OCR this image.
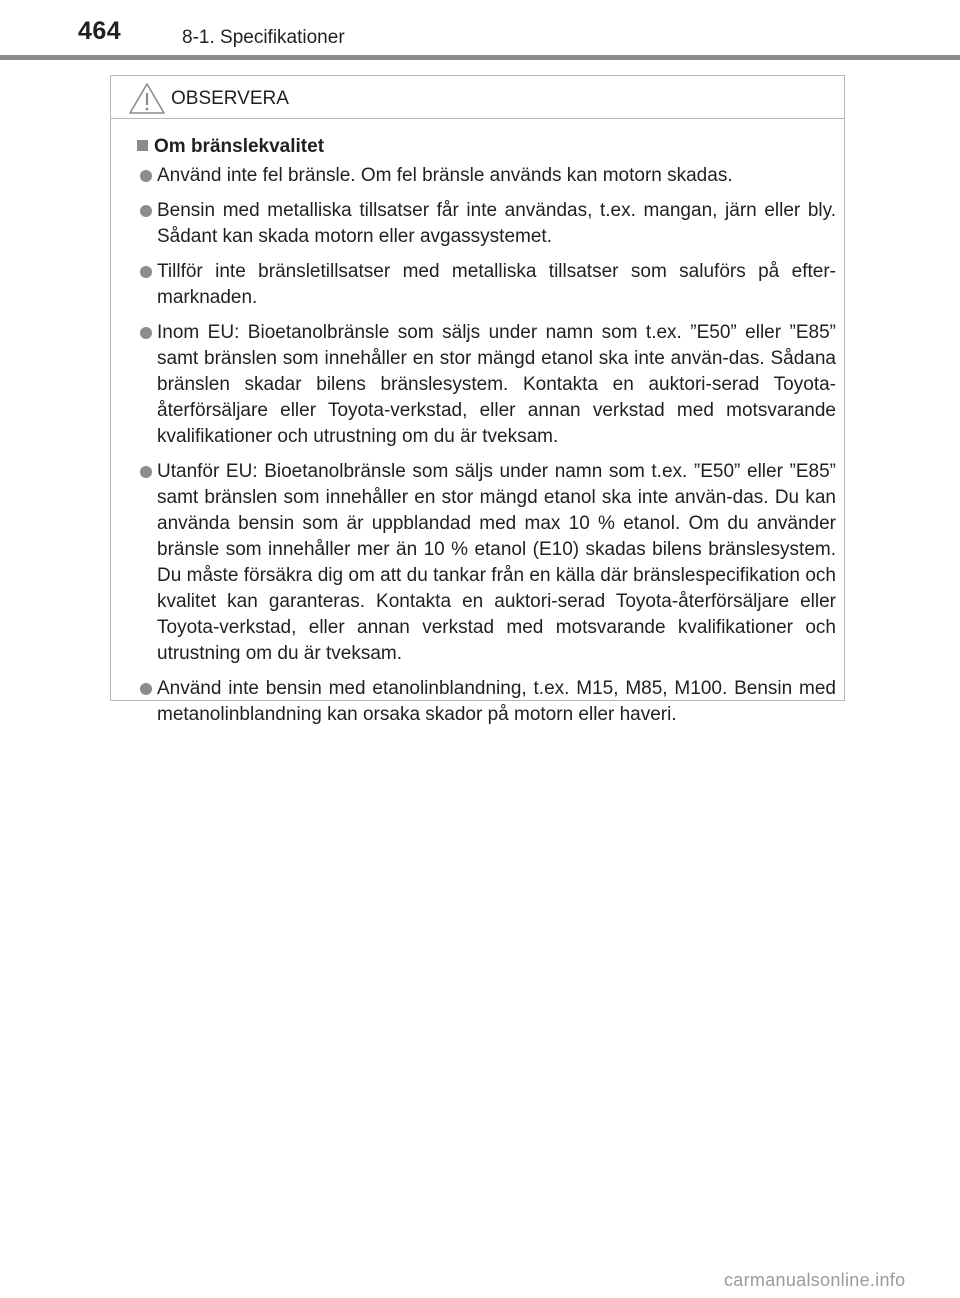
464	8-1. Specifikationer
OBSERVERA
Om bränslekvalitet
Använd inte fel bränsle. Om fel bränsle används kan motorn skadas.
Bensin med metalliska tillsatser får inte användas, t.ex. mangan, järn eller bly. Sådant kan skada motorn eller avgassystemet.
Tillför inte bränsletillsatser med metalliska tillsatser som saluförs på efter-marknaden.
Inom EU: Bioetanolbränsle som säljs under namn som t.ex. ”E50” eller ”E85” samt bränslen som innehåller en stor mängd etanol ska inte använ-das. Sådana bränslen skadar bilens bränslesystem. Kontakta en auktori-serad Toyota-återförsäljare eller Toyota-verkstad, eller annan verkstad med motsvarande kvalifikationer och utrustning om du är tveksam.
Utanför EU: Bioetanolbränsle som säljs under namn som t.ex. ”E50” eller ”E85” samt bränslen som innehåller en stor mängd etanol ska inte använ-das. Du kan använda bensin som är uppblandad med max 10 % etanol. Om du använder bränsle som innehåller mer än 10 % etanol (E10) skadas bilens bränslesystem. Du måste försäkra dig om att du tankar från en källa där bränslespecifikation och kvalitet kan garanteras. Kontakta en auktori-serad Toyota-återförsäljare eller Toyota-verkstad, eller annan verkstad med motsvarande kvalifikationer och utrustning om du är tveksam.
Använd inte bensin med etanolinblandning, t.ex. M15, M85, M100. Bensin med metanolinblandning kan orsaka skador på motorn eller haveri.
carmanualsonline.info
